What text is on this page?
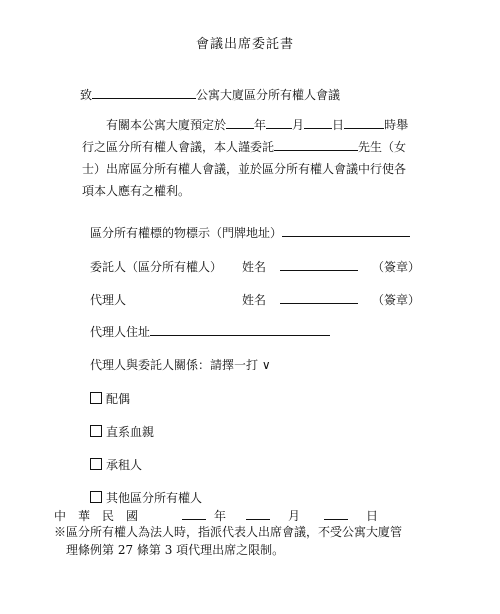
會議出席委託書
致	公寓大廈區分所有權人會議
有關本公寓大廈預定於 年 月 日	時舉
行之區分所有權人會議，本人謹委託	先生（女
士）出席區分所有權人會議，並於區分所有權人會議中行使各
項本人應有之權利。
區分所有權標的物標示（門牌地址）
委託人（區分所有權人） 姓名	（簽章）
代理人	姓名	（簽章）
代理人住址
代理人與委託人關係：請擇一打 ∨
配偶
直系血親
承租人
其他區分所有權人
中　華　民　國	年	月	日
※區分所有權人為法人時，指派代表人出席會議，不受公寓大廈管
理條例第 27 條第 3 項代理出席之限制。
